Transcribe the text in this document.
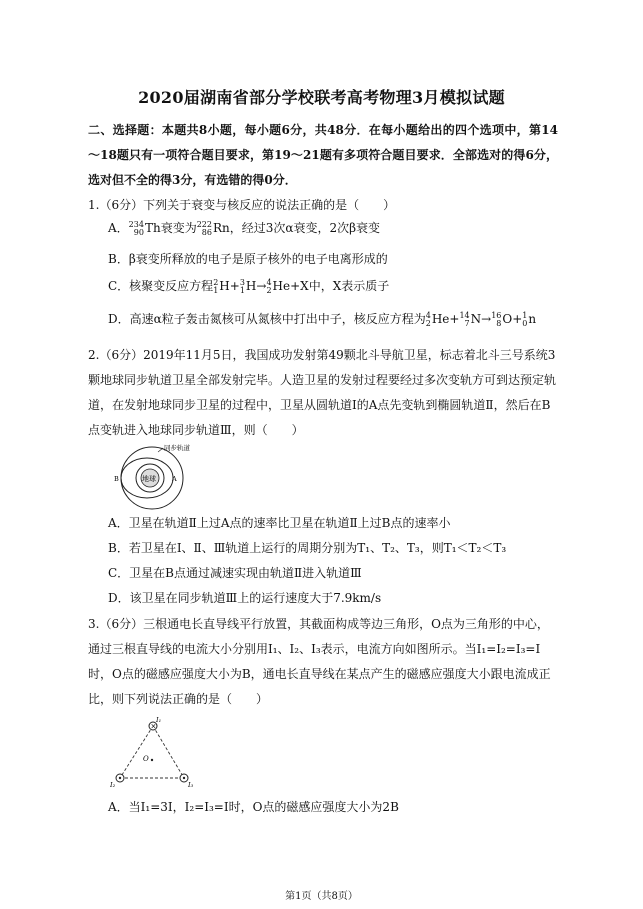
2020届湖南省部分学校联考高考物理3月模拟试题
二、选择题：本题共8小题，每小题6分，共48分．在每小题给出的四个选项中，第14～18题只有一项符合题目要求，第19～21题有多项符合题目要求．全部选对的得6分，选对但不全的得3分，有选错的得0分．
1.（6分）下列关于衰变与核反应的说法正确的是（　　）
A． 234
90 Th衰变为 222
86 Rn，经过3次α衰变，2次β衰变
B．β衰变所释放的电子是原子核外的电子电离形成的
C．核聚变反应方程 2
1 H+ 3
1 H→ 4
2 He+X中，X表示质子
D．高速α粒子轰击氮核可从氮核中打出中子，核反应方程为 4
2 He+ 14
7 N→ 16
8 O+ 1
0 n
2.（6分）2019年11月5日，我国成功发射第49颗北斗导航卫星，标志着北斗三号系统3颗地球同步轨道卫星全部发射完毕。人造卫星的发射过程要经过多次变轨方可到达预定轨道，在发射地球同步卫星的过程中，卫星从圆轨道Ⅰ的A点先变轨到椭圆轨道Ⅱ，然后在B点变轨进入地球同步轨道Ⅲ，则（　　）
地球
同步轨道
B	A
A．卫星在轨道Ⅱ上过A点的速率比卫星在轨道Ⅱ上过B点的速率小
B．若卫星在Ⅰ、Ⅱ、Ⅲ轨道上运行的周期分别为T₁、T₂、T₃，则T₁＜T₂＜T₃
C．卫星在B点通过减速实现由轨道Ⅱ进入轨道Ⅲ
D．该卫星在同步轨道Ⅲ上的运行速度大于7.9km/s
3.（6分）三根通电长直导线平行放置，其截面构成等边三角形，O点为三角形的中心，通过三根直导线的电流大小分别用I₁、I₂、I₃表示，电流方向如图所示。当I₁=I₂=I₃=I时，O点的磁感应强度大小为B，通电长直导线在某点产生的磁感应强度大小跟电流成正比，则下列说法正确的是（　　）
×
O
I₁
I₂	I₃
A．当I₁=3I，I₂=I₃=I时，O点的磁感应强度大小为2B
第1页（共8页）
